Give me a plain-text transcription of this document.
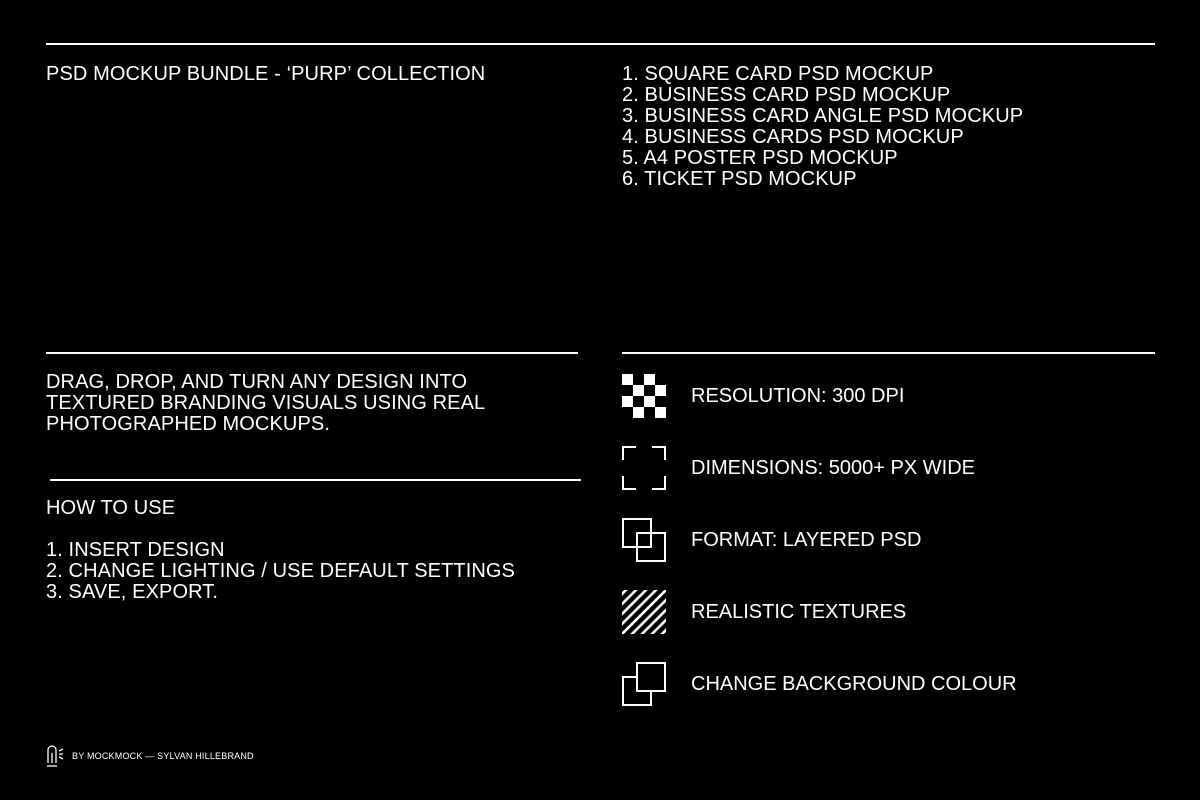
PSD MOCKUP BUNDLE - ‘PURP’ COLLECTION	1. SQUARE CARD PSD MOCKUP
2. BUSINESS CARD PSD MOCKUP
3. BUSINESS CARD ANGLE PSD MOCKUP
4. BUSINESS CARDS PSD MOCKUP
5. A4 POSTER PSD MOCKUP
6. TICKET PSD MOCKUP
DRAG, DROP, AND TURN ANY DESIGN INTO
TEXTURED BRANDING VISUALS USING REAL
PHOTOGRAPHED MOCKUPS.
HOW TO USE
1. INSERT DESIGN
2. CHANGE LIGHTING / USE DEFAULT SETTINGS
3. SAVE, EXPORT.
RESOLUTION: 300 DPI
DIMENSIONS: 5000+ PX WIDE
FORMAT: LAYERED PSD
REALISTIC TEXTURES
CHANGE BACKGROUND COLOUR
BY MOCKMOCK — SYLVAN HILLEBRAND
